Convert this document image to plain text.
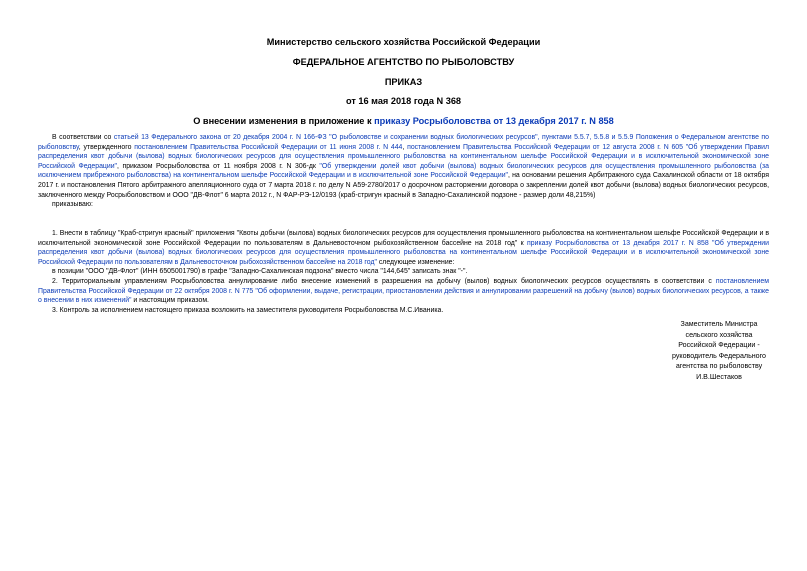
Министерство сельского хозяйства Российской Федерации
ФЕДЕРАЛЬНОЕ АГЕНТСТВО ПО РЫБОЛОВСТВУ
ПРИКАЗ
от 16 мая 2018 года N 368
О внесении изменения в приложение к приказу Росрыболовства от 13 декабря 2017 г. N 858

В соответствии со статьей 13 Федерального закона от 20 декабря 2004 г. N 166-ФЗ "О рыболовстве и сохранении водных биологических ресурсов", пунктами 5.5.7, 5.5.8 и 5.5.9 Положения о Федеральном агентстве по рыболовству, утвержденного постановлением Правительства Российской Федерации от 11 июня 2008 г. N 444, постановлением Правительства Российской Федерации от 12 августа 2008 г. N 605 "Об утверждении Правил распределения квот добычи (вылова) водных биологических ресурсов для осуществления промышленного рыболовства на континентальном шельфе Российской Федерации и в исключительной экономической зоне Российской Федерации", приказом Росрыболовства от 11 ноября 2008 г. N 306-дк "Об утверждении долей квот добычи (вылова) водных биологических ресурсов для осуществления промышленного рыболовства (за исключением прибрежного рыболовства) на континентальном шельфе Российской Федерации и в исключительной зоне Российской Федерации", на основании решения Арбитражного суда Сахалинской области от 18 октября 2017 г. и постановления Пятого арбитражного апелляционного суда от 7 марта 2018 г. по делу N А59-2780/2017 о досрочном расторжении договора о закреплении долей квот добычи (вылова) водных биологических ресурсов, заключенного между Росрыболовством и ООО "ДВ-Флот" 6 марта 2012 г., N ФАР-РЭ-12/0193 (краб-стригун красный в Западно-Сахалинской подзоне - размер доли 48,215%)

приказываю:

1. Внести в таблицу "Краб-стригун красный" приложения "Квоты добычи (вылова) водных биологических ресурсов для осуществления промышленного рыболовства на континентальном шельфе Российской Федерации и в исключительной экономической зоне Российской Федерации по пользователям в Дальневосточном рыбохозяйственном бассейне на 2018 год" к приказу Росрыболовства от 13 декабря 2017 г. N 858 "Об утверждении распределения квот добычи (вылова) водных биологических ресурсов для осуществления промышленного рыболовства на континентальном шельфе Российской Федерации и в исключительной экономической зоне Российской Федерации по пользователям в Дальневосточном рыбохозяйственном бассейне на 2018 год" следующее изменение:

в позиции "ООО "ДВ-Флот" (ИНН 6505001790) в графе "Западно-Сахалинская подзона" вместо числа "144,645" записать знак "-".

2. Территориальным управлениям Росрыболовства аннулирование либо внесение изменений в разрешения на добычу (вылов) водных биологических ресурсов осуществлять в соответствии с постановлением Правительства Российской Федерации от 22 октября 2008 г. N 775 "Об оформлении, выдаче, регистрации, приостановлении действия и аннулировании разрешений на добычу (вылов) водных биологических ресурсов, а также о внесении в них изменений" и настоящим приказом.

3. Контроль за исполнением настоящего приказа возложить на заместителя руководителя Росрыболовства М.С.Иваника.

Заместитель Министра
сельского хозяйства
Российской Федерации -
руководитель Федерального
агентства по рыболовству
И.В.Шестаков
